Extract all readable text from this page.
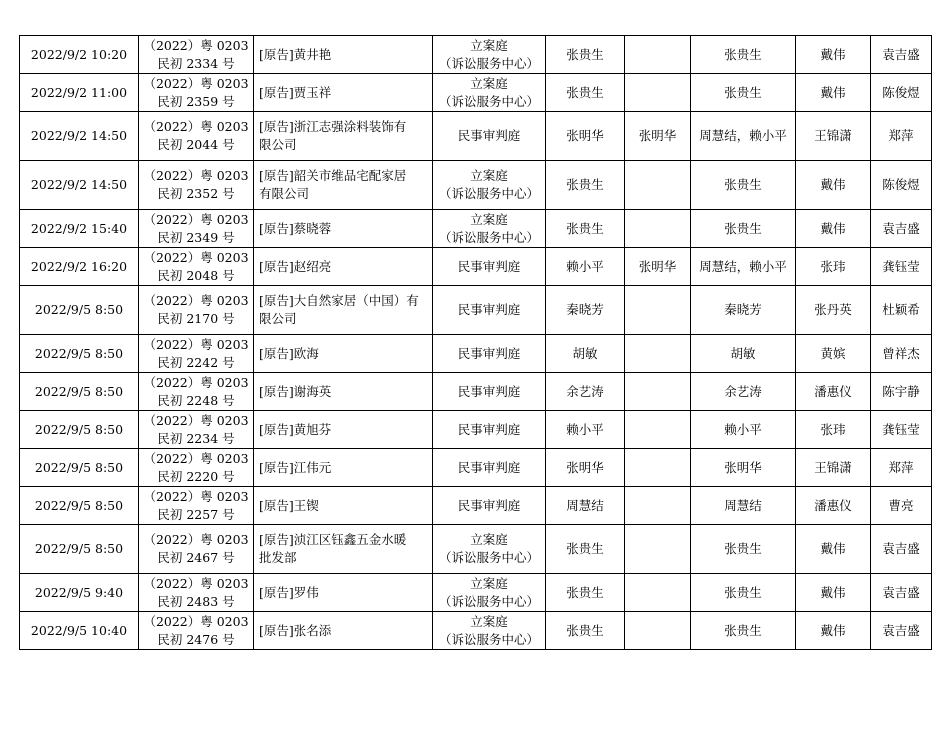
2022/9/2 10:20	（2022）粤 0203
民初 2334 号	[原告]黄井艳	立案庭
（诉讼服务中心）	张贵生		张贵生	戴伟	袁吉盛
2022/9/2 11:00	（2022）粤 0203
民初 2359 号	[原告]贾玉祥	立案庭
（诉讼服务中心）	张贵生		张贵生	戴伟	陈俊煜
2022/9/2 14:50	（2022）粤 0203
民初 2044 号	[原告]浙江志强涂料装饰有
限公司	民事审判庭	张明华	张明华	周慧结，赖小平	王锦潇	郑萍
2022/9/2 14:50	（2022）粤 0203
民初 2352 号	[原告]韶关市维品宅配家居
有限公司	立案庭
（诉讼服务中心）	张贵生		张贵生	戴伟	陈俊煜
2022/9/2 15:40	（2022）粤 0203
民初 2349 号	[原告]蔡晓蓉	立案庭
（诉讼服务中心）	张贵生		张贵生	戴伟	袁吉盛
2022/9/2 16:20	（2022）粤 0203
民初 2048 号	[原告]赵绍亮	民事审判庭	赖小平	张明华	周慧结，赖小平	张玮	龚钰莹
2022/9/5 8:50	（2022）粤 0203
民初 2170 号	[原告]大自然家居（中国）有
限公司	民事审判庭	秦晓芳		秦晓芳	张丹英	杜颖希
2022/9/5 8:50	（2022）粤 0203
民初 2242 号	[原告]欧海	民事审判庭	胡敏		胡敏	黄嫔	曾祥杰
2022/9/5 8:50	（2022）粤 0203
民初 2248 号	[原告]谢海英	民事审判庭	余艺涛		余艺涛	潘惠仪	陈宇静
2022/9/5 8:50	（2022）粤 0203
民初 2234 号	[原告]黄旭芬	民事审判庭	赖小平		赖小平	张玮	龚钰莹
2022/9/5 8:50	（2022）粤 0203
民初 2220 号	[原告]江伟元	民事审判庭	张明华		张明华	王锦潇	郑萍
2022/9/5 8:50	（2022）粤 0203
民初 2257 号	[原告]王锲	民事审判庭	周慧结		周慧结	潘惠仪	曹亮
2022/9/5 8:50	（2022）粤 0203
民初 2467 号	[原告]浈江区钰鑫五金水暖
批发部	立案庭
（诉讼服务中心）	张贵生		张贵生	戴伟	袁吉盛
2022/9/5 9:40	（2022）粤 0203
民初 2483 号	[原告]罗伟	立案庭
（诉讼服务中心）	张贵生		张贵生	戴伟	袁吉盛
2022/9/5 10:40	（2022）粤 0203
民初 2476 号	[原告]张名添	立案庭
（诉讼服务中心）	张贵生		张贵生	戴伟	袁吉盛
